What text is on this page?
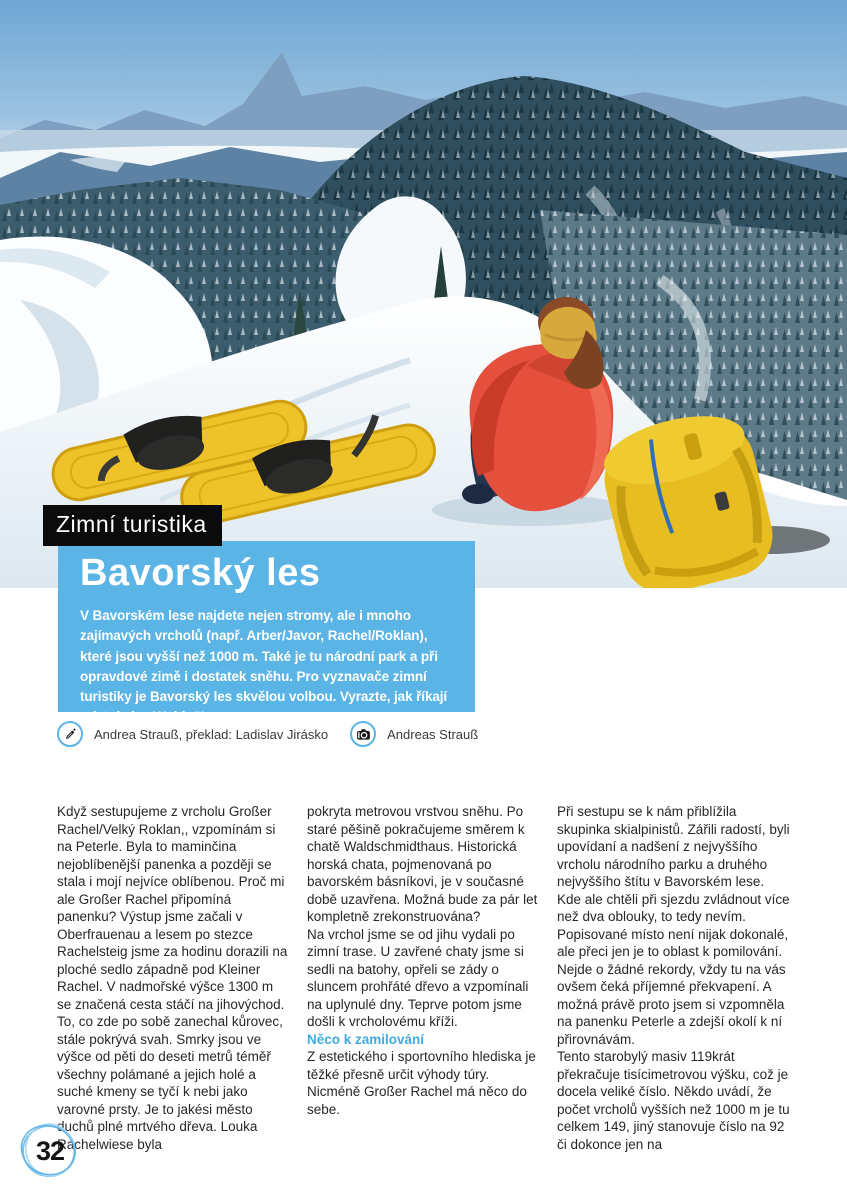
Zimní turistika
Bavorský les
V Bavorském lese najdete nejen stromy, ale i mnoho zajímavých vrcholů (např. Arber/Javor, Rachel/Roklan), které jsou vyšší než 1000 m. Také je tu národní park a při opravdové zimě i dostatek sněhu. Pro vyznavače zimní turistiky je Bavorský les skvělou volbou. Vyrazte, jak říkají místní, do „Woidu“!
Andrea Strauß, překlad: Ladislav Jirásko	Andreas Strauß

Když sestupujeme z vrcholu Großer Rachel/Velký Roklan,, vzpomínám si na Peterle. Byla to maminčina nejoblíbenější panenka a později se stala i mojí nejvíce oblíbenou. Proč mi ale Großer Rachel připomíná panenku? Výstup jsme začali v Oberfrauenau a lesem po stezce Rachelsteig jsme za hodinu dorazili na ploché sedlo západně pod Kleiner Rachel. V nadmořské výšce 1300 m se značená cesta stáčí na jihovýchod. To, co zde po sobě zanechal kůrovec, stále pokrývá svah. Smrky jsou ve výšce od pěti do deseti metrů téměř všechny polámané a jejich holé a suché kmeny se tyčí k nebi jako varovné prsty. Je to jakési město duchů plné mrtvého dřeva. Louka Rachelwiese byla

pokryta metrovou vrstvou sněhu. Po staré pěšině pokračujeme směrem k chatě Waldschmidthaus. Historická horská chata, pojmenovaná po bavorském básníkovi, je v současné době uzavřena. Možná bude za pár let kompletně zrekonstruována?

Na vrchol jsme se od jihu vydali po zimní trase. U zavřené chaty jsme si sedli na batohy, opřeli se zády o sluncem prohřáté dřevo a vzpomínali na uplynulé dny. Teprve potom jsme došli k vrcholovému kříži.

Něco k zamilování

Z estetického i sportovního hlediska je těžké přesně určit výhody túry. Nicméně Großer Rachel má něco do sebe.

Při sestupu se k nám přiblížila skupinka skialpinistů. Zářili radostí, byli upovídaní a nadšení z nejvyššího vrcholu národního parku a druhého nejvyššího štítu v Bavorském lese. Kde ale chtěli při sjezdu zvládnout více než dva oblouky, to tedy nevím. Popisované místo není nijak dokonalé, ale přeci jen je to oblast k pomilování. Nejde o žádné rekordy, vždy tu na vás ovšem čeká příjemné překvapení. A možná právě proto jsem si vzpomněla na panenku Peterle a zdejší okolí k ní přirovnávám.

Tento starobylý masiv 119krát překračuje tisícimetrovou výšku, což je docela veliké číslo. Někdo uvádí, že počet vrcholů vyšších než 1000 m je tu celkem 149, jiný stanovuje číslo na 92 či dokonce jen na

32
